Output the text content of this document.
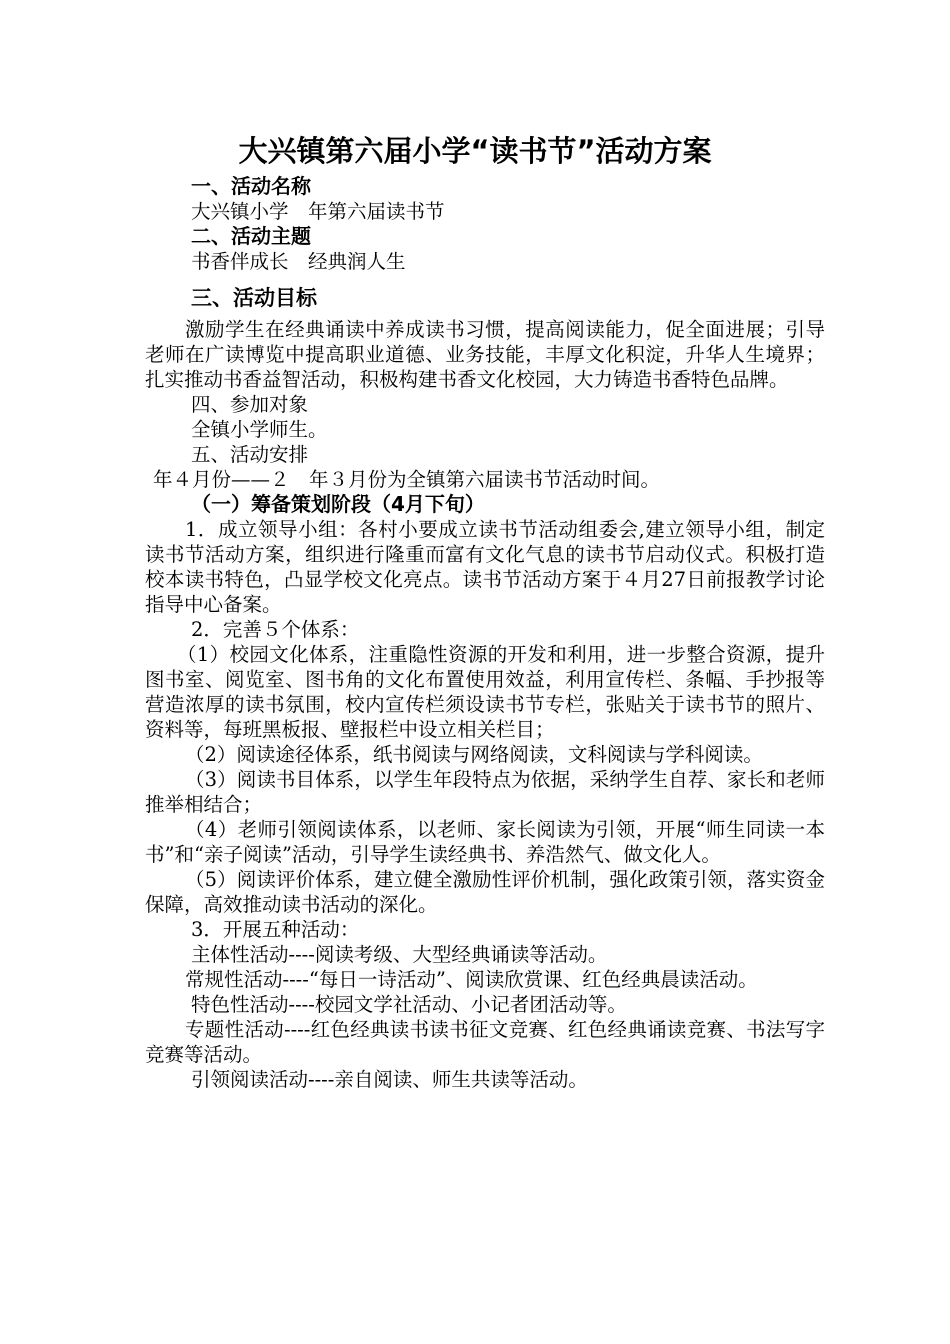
大兴镇第六届小学“读书节”活动方案

一、活动名称

大兴镇小学　年第六届读书节

二、活动主题

书香伴成长　经典润人生

三、活动目标

激励学生在经典诵读中养成读书习惯，提高阅读能力，促全面进展；引导老师在广读博览中提高职业道德、业务技能，丰厚文化积淀，升华人生境界；扎实推动书香益智活动，积极构建书香文化校园，大力铸造书香特色品牌。

四、参加对象

全镇小学师生。

五、活动安排

年４月份——２　年３月份为全镇第六届读书节活动时间。

（一）筹备策划阶段（4月下旬）

1．成立领导小组：各村小要成立读书节活动组委会,建立领导小组，制定读书节活动方案，组织进行隆重而富有文化气息的读书节启动仪式。积极打造校本读书特色，凸显学校文化亮点。读书节活动方案于４月27日前报教学讨论指导中心备案。

2．完善５个体系：

（1）校园文化体系，注重隐性资源的开发和利用，进一步整合资源，提升图书室、阅览室、图书角的文化布置使用效益，利用宣传栏、条幅、手抄报等营造浓厚的读书氛围，校内宣传栏须设读书节专栏，张贴关于读书节的照片、资料等，每班黑板报、壁报栏中设立相关栏目；

（2）阅读途径体系，纸书阅读与网络阅读，文科阅读与学科阅读。

（3）阅读书目体系，以学生年段特点为依据，采纳学生自荐、家长和老师推举相结合；

（4）老师引领阅读体系，以老师、家长阅读为引领，开展“师生同读一本书”和“亲子阅读”活动，引导学生读经典书、养浩然气、做文化人。

（5）阅读评价体系，建立健全激励性评价机制，强化政策引领，落实资金保障，高效推动读书活动的深化。

3．开展五种活动：

主体性活动----阅读考级、大型经典诵读等活动。

常规性活动----“每日一诗活动”、阅读欣赏课、红色经典晨读活动。

特色性活动----校园文学社活动、小记者团活动等。

专题性活动----红色经典读书读书征文竞赛、红色经典诵读竞赛、书法写字竞赛等活动。

引领阅读活动----亲自阅读、师生共读等活动。
